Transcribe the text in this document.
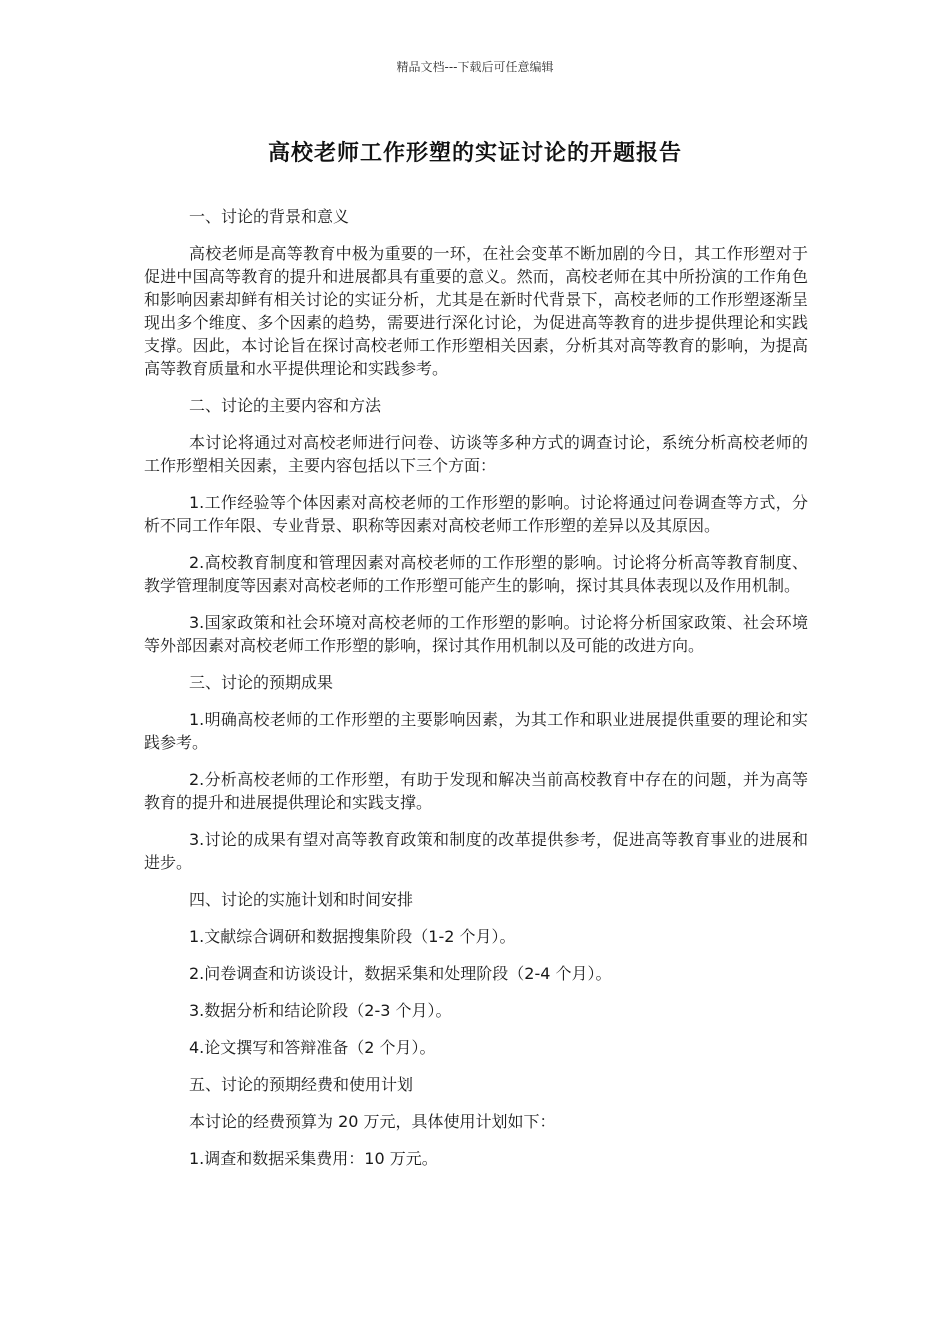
精品文档---下载后可任意编辑
高校老师工作形塑的实证讨论的开题报告

一、讨论的背景和意义

高校老师是高等教育中极为重要的一环，在社会变革不断加剧的今日，其工作形塑对于促进中国高等教育的提升和进展都具有重要的意义。然而，高校老师在其中所扮演的工作角色和影响因素却鲜有相关讨论的实证分析，尤其是在新时代背景下，高校老师的工作形塑逐渐呈现出多个维度、多个因素的趋势，需要进行深化讨论，为促进高等教育的进步提供理论和实践支撑。因此，本讨论旨在探讨高校老师工作形塑相关因素，分析其对高等教育的影响，为提高高等教育质量和水平提供理论和实践参考。

二、讨论的主要内容和方法

本讨论将通过对高校老师进行问卷、访谈等多种方式的调查讨论，系统分析高校老师的工作形塑相关因素，主要内容包括以下三个方面：

1.工作经验等个体因素对高校老师的工作形塑的影响。讨论将通过问卷调查等方式，分析不同工作年限、专业背景、职称等因素对高校老师工作形塑的差异以及其原因。

2.高校教育制度和管理因素对高校老师的工作形塑的影响。讨论将分析高等教育制度、教学管理制度等因素对高校老师的工作形塑可能产生的影响，探讨其具体表现以及作用机制。

3.国家政策和社会环境对高校老师的工作形塑的影响。讨论将分析国家政策、社会环境等外部因素对高校老师工作形塑的影响，探讨其作用机制以及可能的改进方向。

三、讨论的预期成果

1.明确高校老师的工作形塑的主要影响因素，为其工作和职业进展提供重要的理论和实践参考。

2.分析高校老师的工作形塑，有助于发现和解决当前高校教育中存在的问题，并为高等教育的提升和进展提供理论和实践支撑。

3.讨论的成果有望对高等教育政策和制度的改革提供参考，促进高等教育事业的进展和进步。

四、讨论的实施计划和时间安排

1.文献综合调研和数据搜集阶段（1-2 个月）。

2.问卷调查和访谈设计，数据采集和处理阶段（2-4 个月）。

3.数据分析和结论阶段（2-3 个月）。

4.论文撰写和答辩准备（2 个月）。

五、讨论的预期经费和使用计划

本讨论的经费预算为 20 万元，具体使用计划如下：

1.调查和数据采集费用：10 万元。
